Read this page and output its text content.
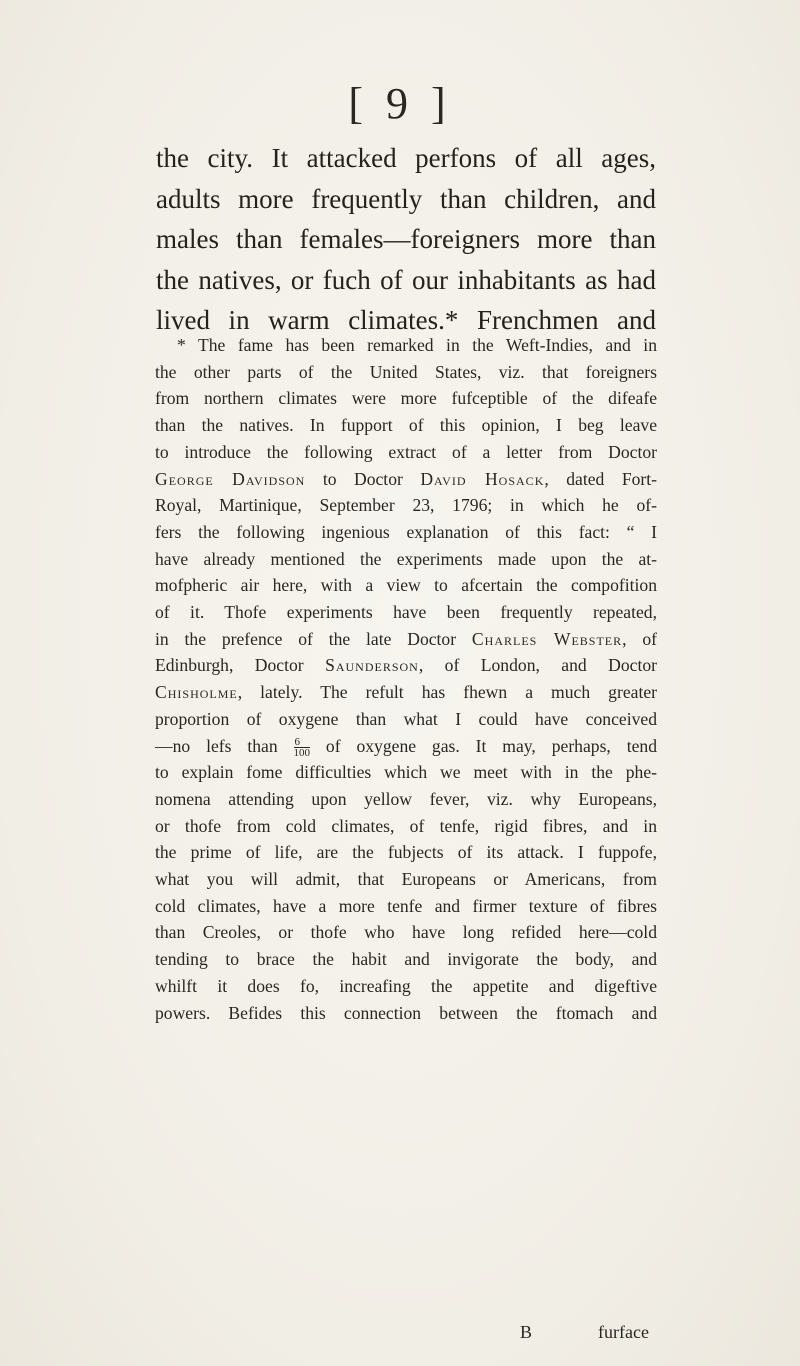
[ 9 ]
the city. It attacked perfons of all ages,
adults more frequently than children, and
males than females—foreigners more than
the natives, or fuch of our inhabitants as had
lived in warm climates.* Frenchmen and
* The fame has been remarked in the Weft-Indies, and in
the other parts of the United States, viz. that foreigners
from northern climates were more fufceptible of the difeafe
than the natives. In fupport of this opinion, I beg leave
to introduce the following extract of a letter from Doctor
George Davidson to Doctor David Hosack, dated Fort-
Royal, Martinique, September 23, 1796; in which he of-
fers the following ingenious explanation of this fact: “ I
have already mentioned the experiments made upon the at-
mofpheric air here, with a view to afcertain the compofition
of it. Thofe experiments have been frequently repeated,
in the prefence of the late Doctor Charles Webster, of
Edinburgh, Doctor Saunderson, of London, and Doctor
Chisholme, lately. The refult has fhewn a much greater
proportion of oxygene than what I could have conceived
—no lefs than $\frac{6}{100}$ of oxygene gas. It may, perhaps, tend
to explain fome difficulties which we meet with in the phe-
nomena attending upon yellow fever, viz. why Europeans,
or thofe from cold climates, of tenfe, rigid fibres, and in
the prime of life, are the fubjects of its attack. I fuppofe,
what you will admit, that Europeans or Americans, from
cold climates, have a more tenfe and firmer texture of fibres
than Creoles, or thofe who have long refided here—cold
tending to brace the habit and invigorate the body, and
whilft it does fo, increafing the appetite and digeftive
powers. Befides this connection between the ftomach and
B	furface
